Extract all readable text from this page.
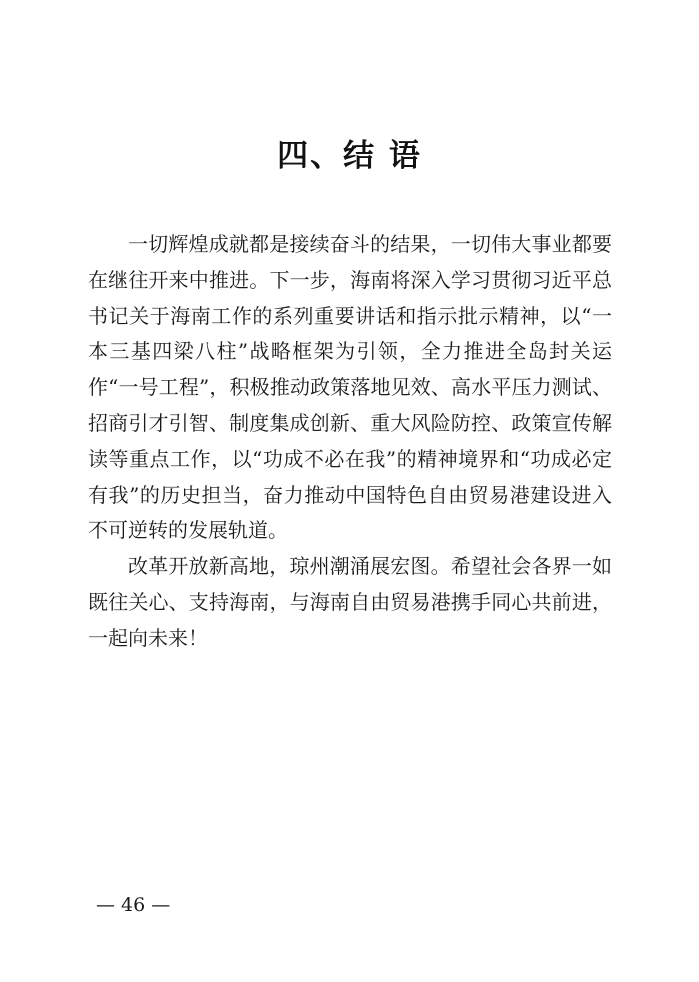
四、结 语

一切辉煌成就都是接续奋斗的结果，一切伟大事业都要在继往开来中推进。下一步，海南将深入学习贯彻习近平总书记关于海南工作的系列重要讲话和指示批示精神，以“一本三基四梁八柱”战略框架为引领，全力推进全岛封关运作“一号工程”，积极推动政策落地见效、高水平压力测试、招商引才引智、制度集成创新、重大风险防控、政策宣传解读等重点工作，以“功成不必在我”的精神境界和“功成必定有我”的历史担当，奋力推动中国特色自由贸易港建设进入不可逆转的发展轨道。

改革开放新高地，琼州潮涌展宏图。希望社会各界一如既往关心、支持海南，与海南自由贸易港携手同心共前进，一起向未来！

— 46 —
